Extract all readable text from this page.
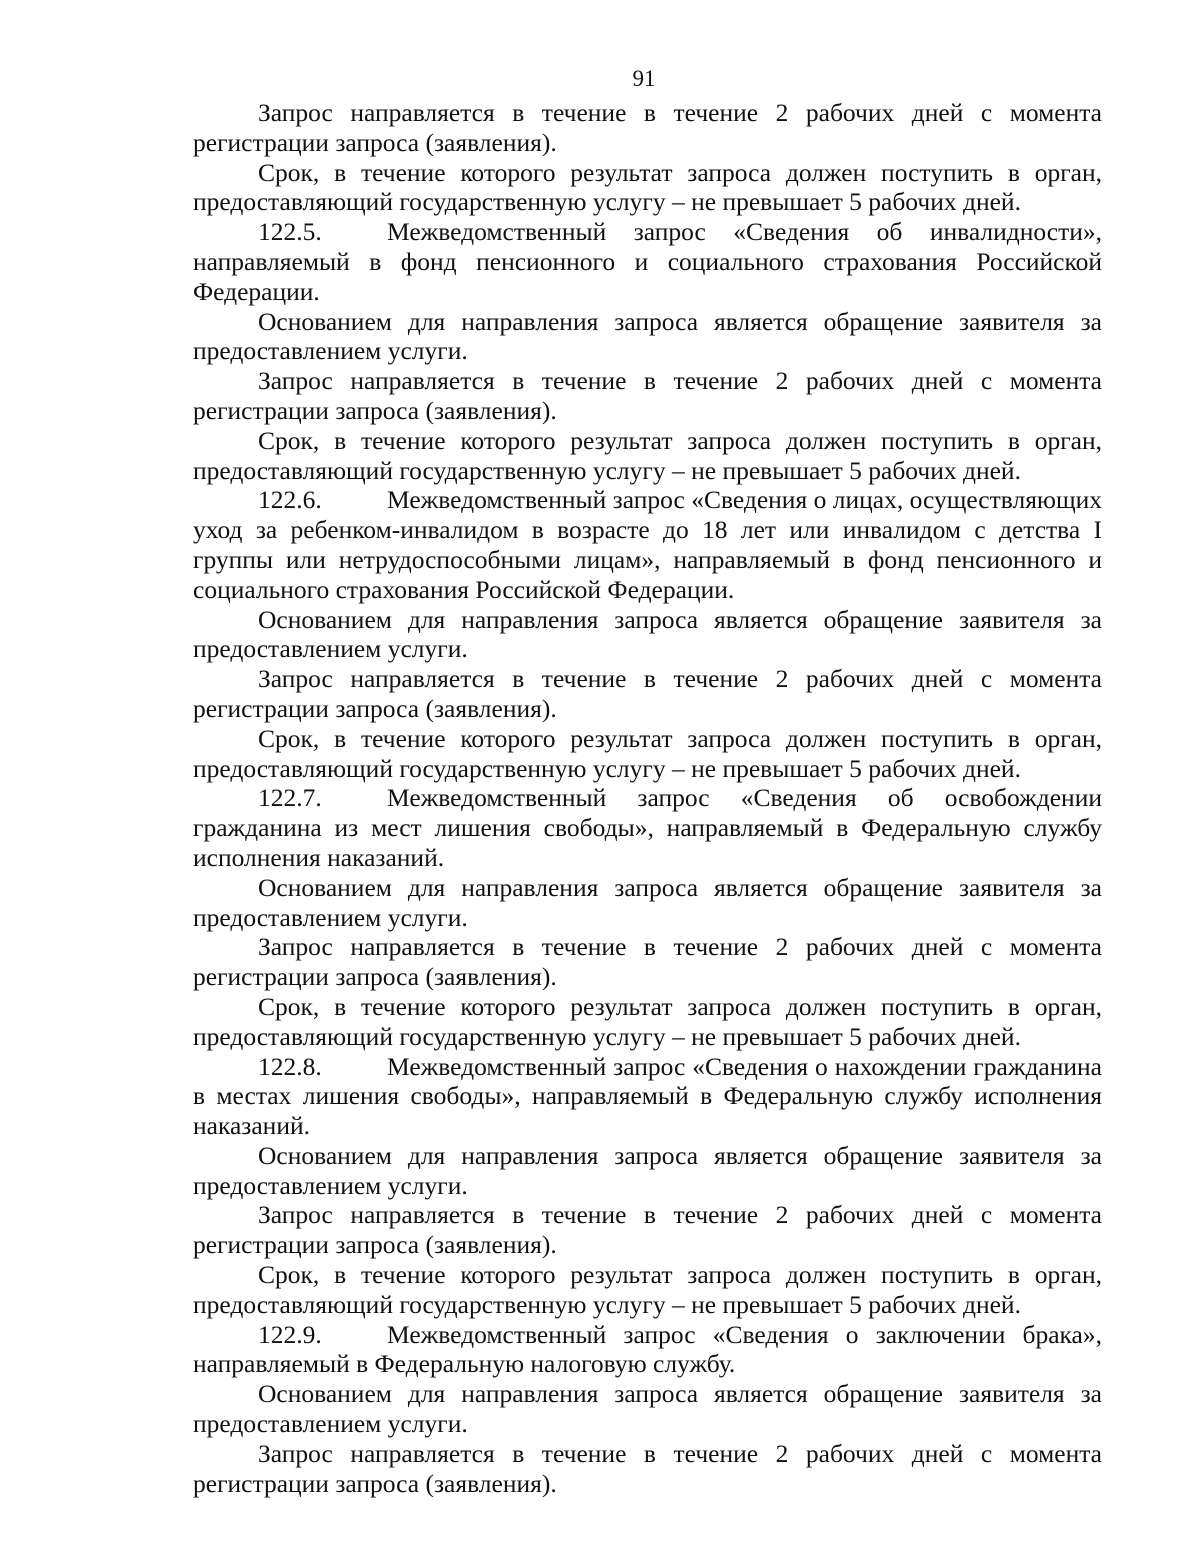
91

Запрос направляется в течение в течение 2 рабочих дней с момента регистрации запроса (заявления).

Срок, в течение которого результат запроса должен поступить в орган, предоставляющий государственную услугу – не превышает 5 рабочих дней.

122.5.	Межведомственный запрос «Сведения об инвалидности», направляемый в фонд пенсионного и социального страхования Российской Федерации.

Основанием для направления запроса является обращение заявителя за предоставлением услуги.

Запрос направляется в течение в течение 2 рабочих дней с момента регистрации запроса (заявления).

Срок, в течение которого результат запроса должен поступить в орган, предоставляющий государственную услугу – не превышает 5 рабочих дней.

122.6.	Межведомственный запрос «Сведения о лицах, осуществляющих уход за ребенком-инвалидом в возрасте до 18 лет или инвалидом с детства I группы или нетрудоспособными лицам», направляемый в фонд пенсионного и социального страхования Российской Федерации.

Основанием для направления запроса является обращение заявителя за предоставлением услуги.

Запрос направляется в течение в течение 2 рабочих дней с момента регистрации запроса (заявления).

Срок, в течение которого результат запроса должен поступить в орган, предоставляющий государственную услугу – не превышает 5 рабочих дней.

122.7.	Межведомственный запрос «Сведения об освобождении гражданина из мест лишения свободы», направляемый в Федеральную службу исполнения наказаний.

Основанием для направления запроса является обращение заявителя за предоставлением услуги.

Запрос направляется в течение в течение 2 рабочих дней с момента регистрации запроса (заявления).

Срок, в течение которого результат запроса должен поступить в орган, предоставляющий государственную услугу – не превышает 5 рабочих дней.

122.8.	Межведомственный запрос «Сведения о нахождении гражданина в местах лишения свободы», направляемый в Федеральную службу исполнения наказаний.

Основанием для направления запроса является обращение заявителя за предоставлением услуги.

Запрос направляется в течение в течение 2 рабочих дней с момента регистрации запроса (заявления).

Срок, в течение которого результат запроса должен поступить в орган, предоставляющий государственную услугу – не превышает 5 рабочих дней.

122.9.	Межведомственный запрос «Сведения о заключении брака», направляемый в Федеральную налоговую службу.

Основанием для направления запроса является обращение заявителя за предоставлением услуги.

Запрос направляется в течение в течение 2 рабочих дней с момента регистрации запроса (заявления).
